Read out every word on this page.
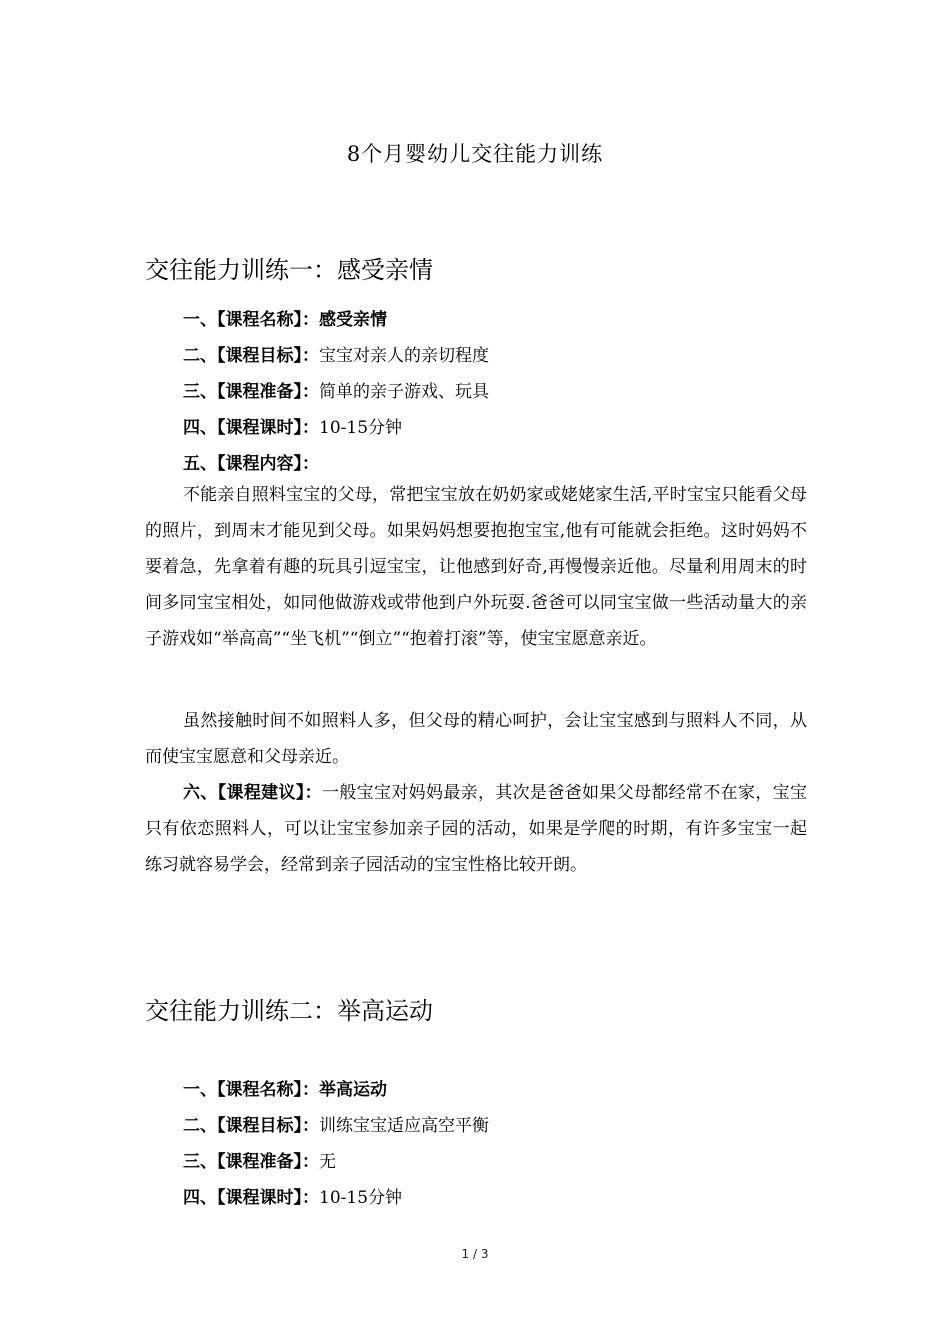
8个月婴幼儿交往能力训练
交往能力训练一：感受亲情
一、【课程名称】：感受亲情
二、【课程目标】：宝宝对亲人的亲切程度
三、【课程准备】：简单的亲子游戏、玩具
四、【课程课时】：10-15分钟
五、【课程内容】：

不能亲自照料宝宝的父母，常把宝宝放在奶奶家或姥姥家生活,平时宝宝只能看父母的照片，到周末才能见到父母。如果妈妈想要抱抱宝宝,他有可能就会拒绝。这时妈妈不要着急，先拿着有趣的玩具引逗宝宝，让他感到好奇,再慢慢亲近他。尽量利用周末的时间多同宝宝相处，如同他做游戏或带他到户外玩耍.爸爸可以同宝宝做一些活动量大的亲子游戏如“举高高”“坐飞机”“倒立”“抱着打滚”等，使宝宝愿意亲近。

虽然接触时间不如照料人多，但父母的精心呵护，会让宝宝感到与照料人不同，从而使宝宝愿意和父母亲近。

六、【课程建议】：一般宝宝对妈妈最亲，其次是爸爸如果父母都经常不在家，宝宝只有依恋照料人，可以让宝宝参加亲子园的活动，如果是学爬的时期，有许多宝宝一起练习就容易学会，经常到亲子园活动的宝宝性格比较开朗。

交往能力训练二：举高运动
一、【课程名称】：举高运动
二、【课程目标】：训练宝宝适应高空平衡
三、【课程准备】：无
四、【课程课时】：10-15分钟
1 / 3
